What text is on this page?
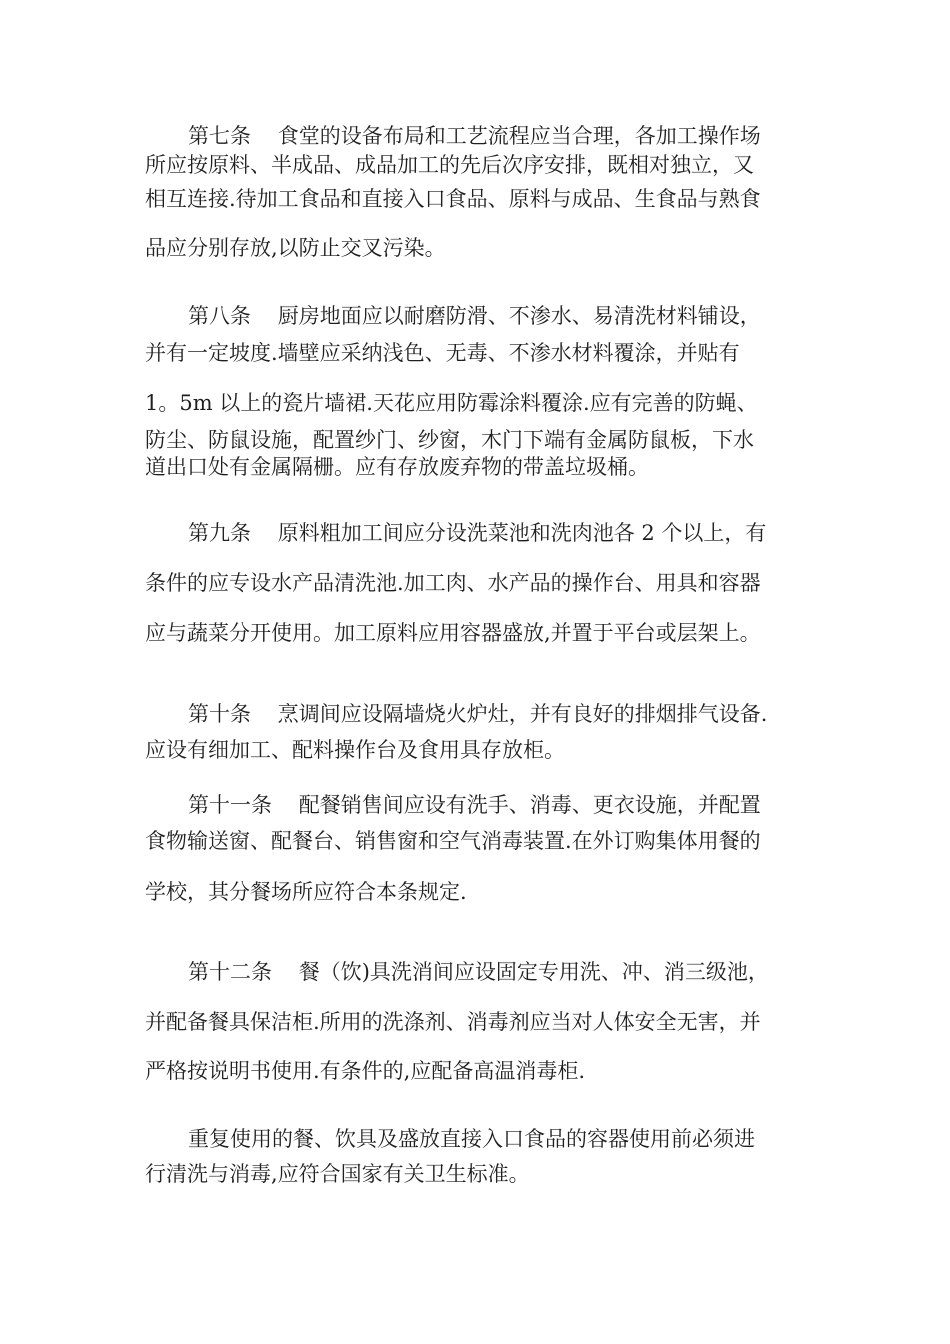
第七条    食堂的设备布局和工艺流程应当合理，各加工操作场
所应按原料、半成品、成品加工的先后次序安排，既相对独立，又
相互连接.待加工食品和直接入口食品、原料与成品、生食品与熟食
品应分别存放,以防止交叉污染。
第八条    厨房地面应以耐磨防滑、不渗水、易清洗材料铺设，
并有一定坡度.墙壁应采纳浅色、无毒、不渗水材料覆涂，并贴有
1。5m 以上的瓷片墙裙.天花应用防霉涂料覆涂.应有完善的防蝇、
防尘、防鼠设施，配置纱门、纱窗，木门下端有金属防鼠板，下水
道出口处有金属隔栅。应有存放废弃物的带盖垃圾桶。
第九条    原料粗加工间应分设洗菜池和洗肉池各 2 个以上，有
条件的应专设水产品清洗池.加工肉、水产品的操作台、用具和容器
应与蔬菜分开使用。加工原料应用容器盛放,并置于平台或层架上。
第十条    烹调间应设隔墙烧火炉灶，并有良好的排烟排气设备.
应设有细加工、配料操作台及食用具存放柜。
第十一条    配餐销售间应设有洗手、消毒、更衣设施，并配置
食物输送窗、配餐台、销售窗和空气消毒装置.在外订购集体用餐的
学校，其分餐场所应符合本条规定.
第十二条    餐（饮)具洗消间应设固定专用洗、冲、消三级池，
并配备餐具保洁柜.所用的洗涤剂、消毒剂应当对人体安全无害，并
严格按说明书使用.有条件的,应配备高温消毒柜.
重复使用的餐、饮具及盛放直接入口食品的容器使用前必须进
行清洗与消毒,应符合国家有关卫生标准。
